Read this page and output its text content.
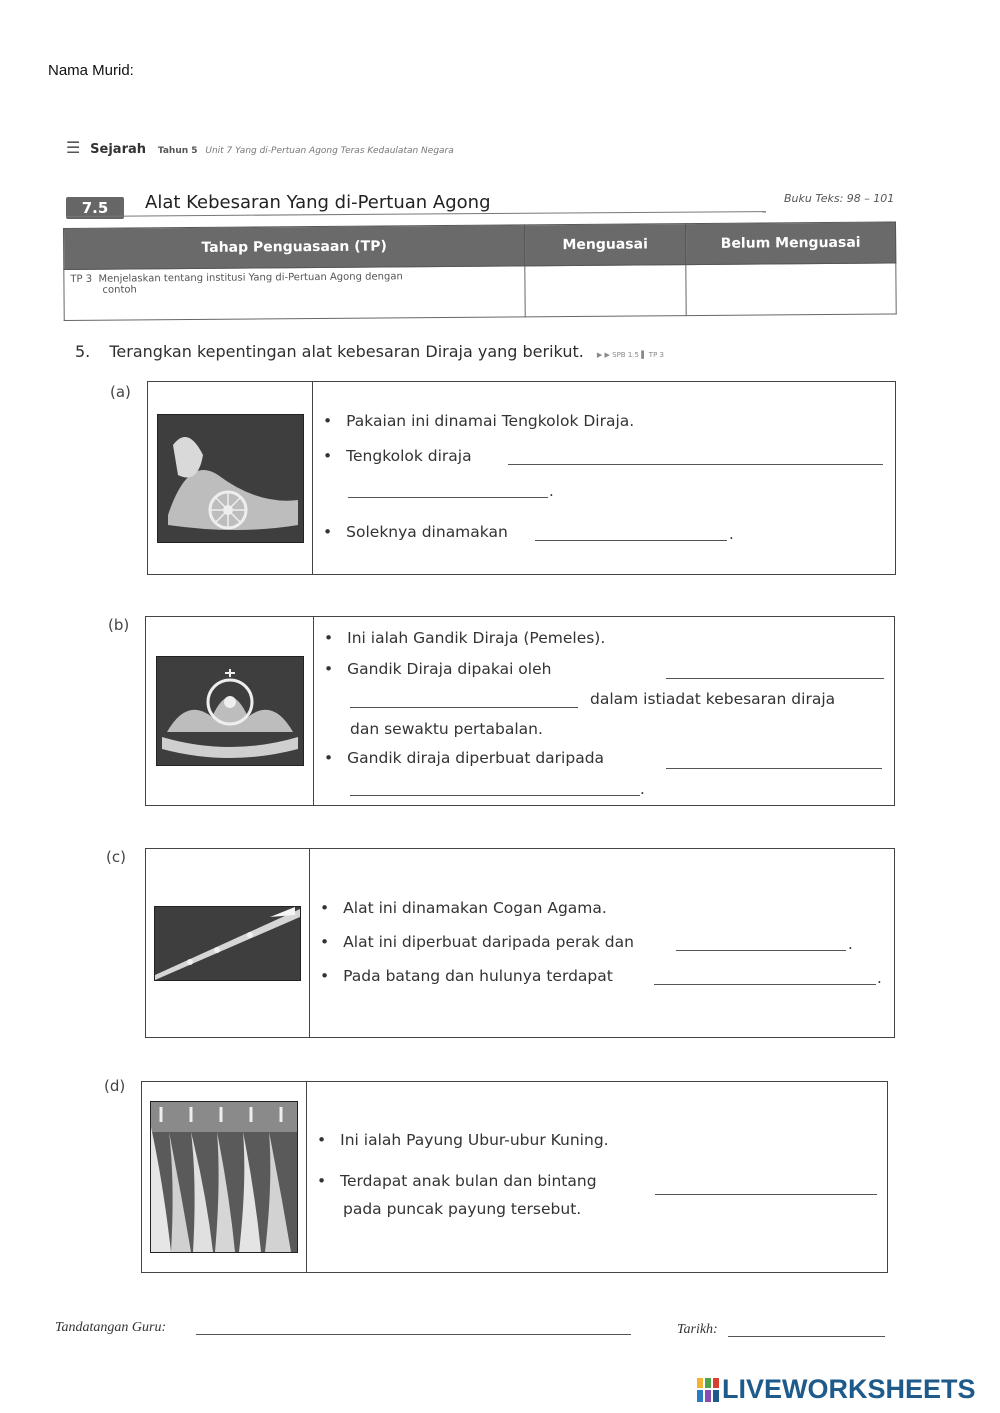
Nama Murid:
☰ Sejarah Tahun 5 Unit 7 Yang di-Pertuan Agong Teras Kedaulatan Negara
7.5	Alat Kebesaran Yang di-Pertuan Agong	Buku Teks: 98 – 101
Tahap Penguasaan (TP)	Menguasai	Belum Menguasai
TP 3 Menjelaskan tentang institusi Yang di-Pertuan Agong dengan
contoh		
5. Terangkan kepentingan alat kebesaran Diraja yang berikut. ▶ ▶ SPB 1.5 ▌ TP 3
(a)
• Pakaian ini dinamai Tengkolok Diraja.
• Tengkolok diraja
.
• Soleknya dinamakan	.
(b)
• Ini ialah Gandik Diraja (Pemeles).
• Gandik Diraja dipakai oleh
dalam istiadat kebesaran diraja
dan sewaktu pertabalan.
• Gandik diraja diperbuat daripada
.
(c)
• Alat ini dinamakan Cogan Agama.
• Alat ini diperbuat daripada perak dan	.
• Pada batang dan hulunya terdapat	.
(d)
• Ini ialah Payung Ubur-ubur Kuning.
• Terdapat anak bulan dan bintang
pada puncak payung tersebut.
Tandatangan Guru:	Tarikh:
LIVEWORKSHEETS
